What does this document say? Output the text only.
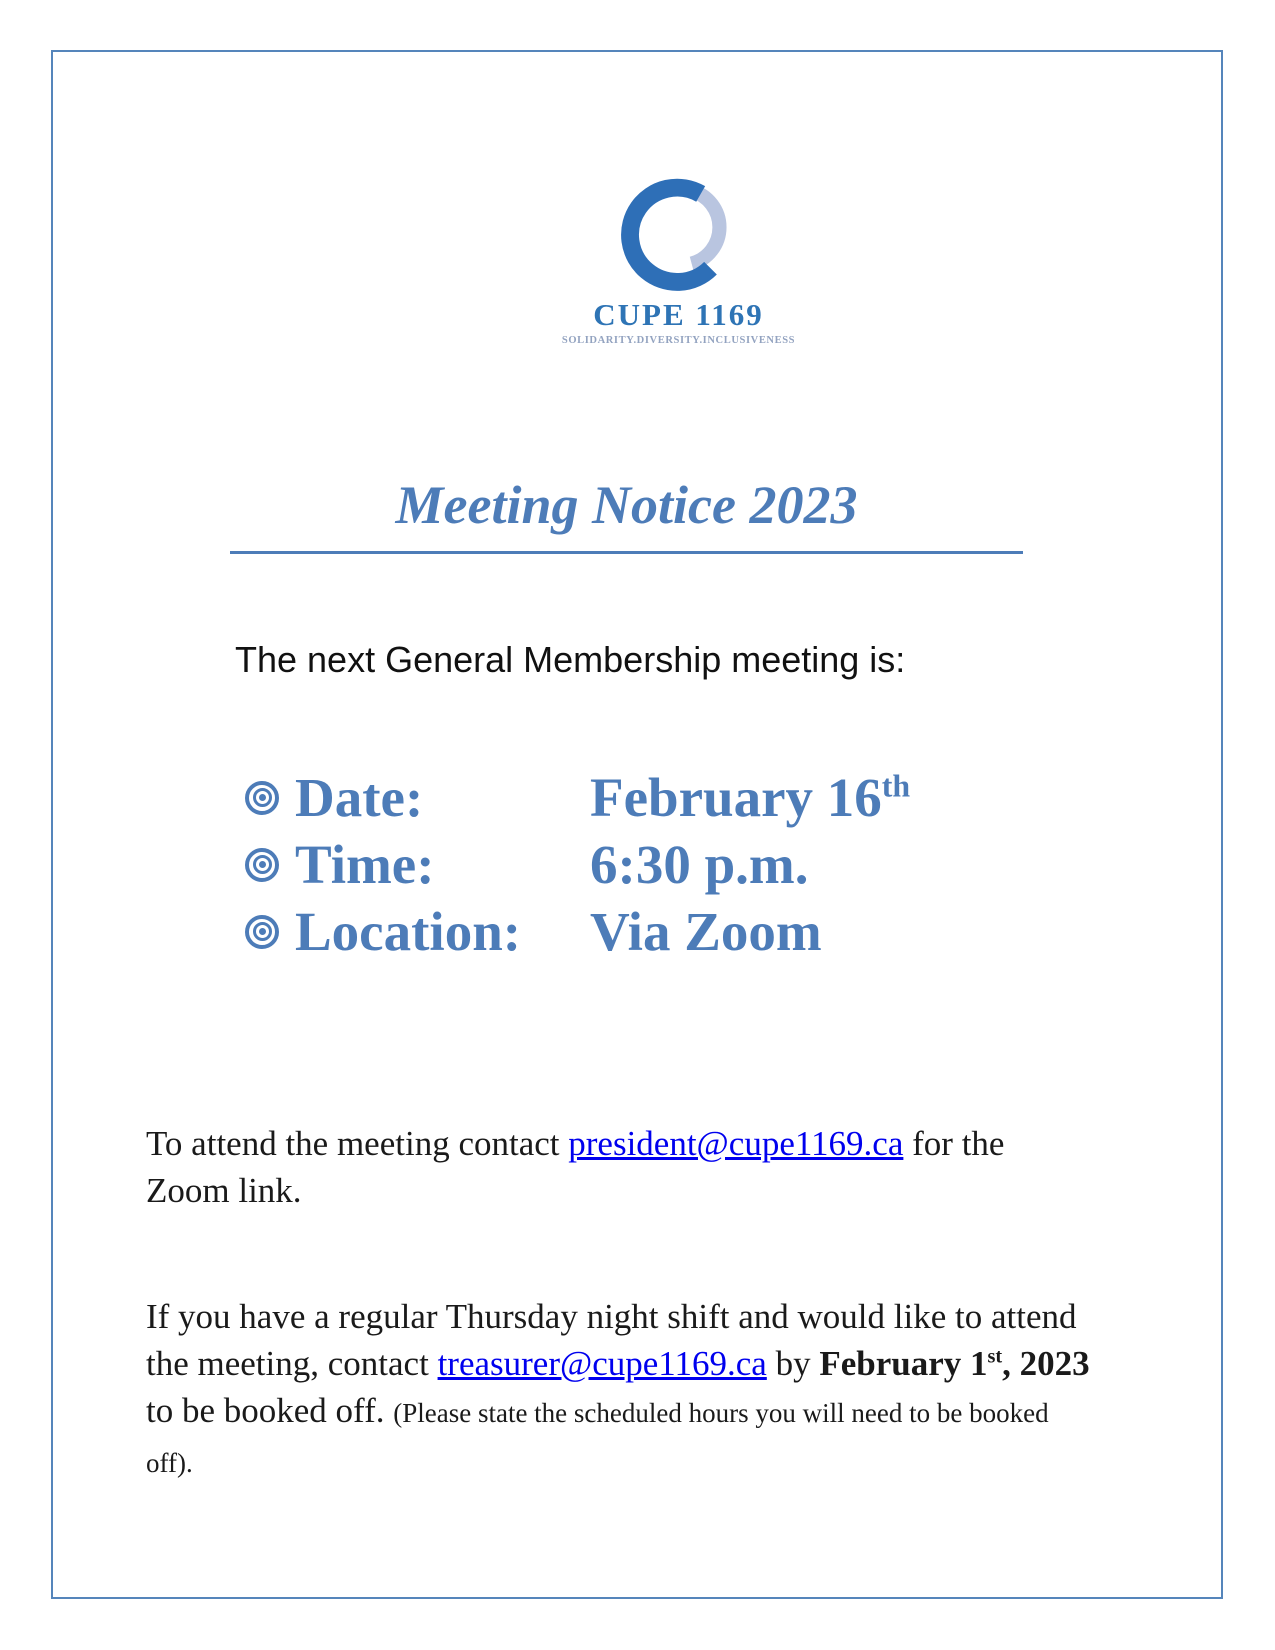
CUPE 1169
SOLIDARITY.DIVERSITY.INCLUSIVENESS
Meeting Notice 2023

The next General Membership meeting is:

Date:	February 16th
Time:	6:30 p.m.
Location:	Via Zoom

To attend the meeting contact president@cupe1169.ca for the Zoom link.

If you have a regular Thursday night shift and would like to attend the meeting, contact treasurer@cupe1169.ca by February 1st, 2023 to be booked off. (Please state the scheduled hours you will need to be booked off).
